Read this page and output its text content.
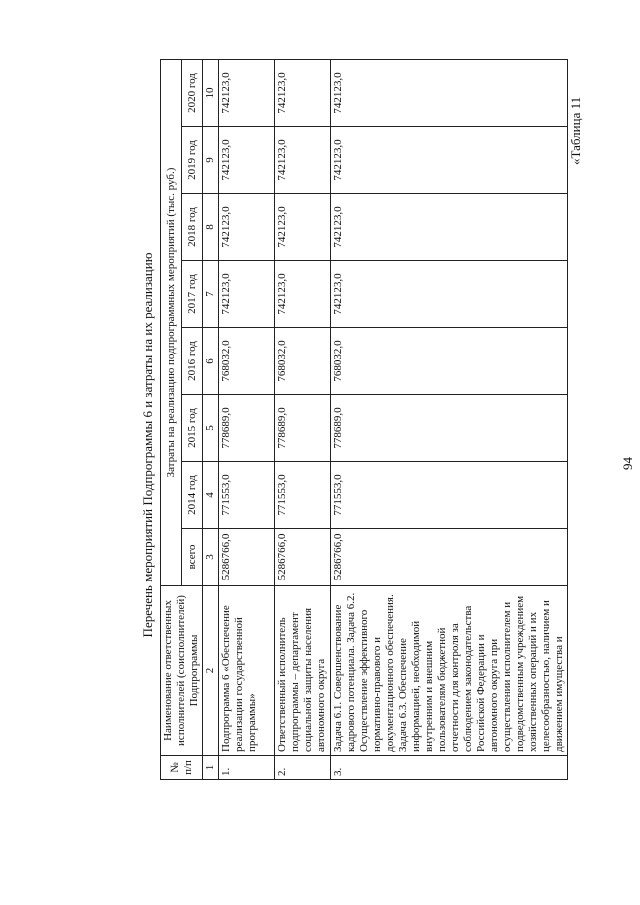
94
«Таблица 11
Перечень мероприятий Подпрограммы 6 и затраты на их реализацию
№ п/п	Наименование ответственных исполнителей (соисполнителей) Подпрограммы	Затраты на реализацию подпрограммных мероприятий (тыс. руб.)							
		всего	2014 год	2015 год	2016 год	2017 год	2018 год	2019 год	2020 год
1	2	3	4	5	6	7	8	9	10
1.	Подпрограмма 6 «Обеспечение реализации государственной программы»	5286766,0	771553,0	778689,0	768032,0	742123,0	742123,0	742123,0	742123,0
2.	Ответственный исполнитель подпрограммы – департамент социальной защиты населения автономного округа	5286766,0	771553,0	778689,0	768032,0	742123,0	742123,0	742123,0	742123,0
3.	Задача 6.1. Совершенствование кадрового потенциала. Задача 6.2. Осуществление эффективного нормативно-правового и документационного обеспечения. Задача 6.3. Обеспечение информацией, необходимой внутренним и внешним пользователям бюджетной отчетности для контроля за соблюдением законодательства Российской Федерации и автономного округа при осуществлении исполнителем и подведомственным учреждением хозяйственных операций и их целесообразностью, наличием и движением имущества и	5286766,0	771553,0	778689,0	768032,0	742123,0	742123,0	742123,0	742123,0
